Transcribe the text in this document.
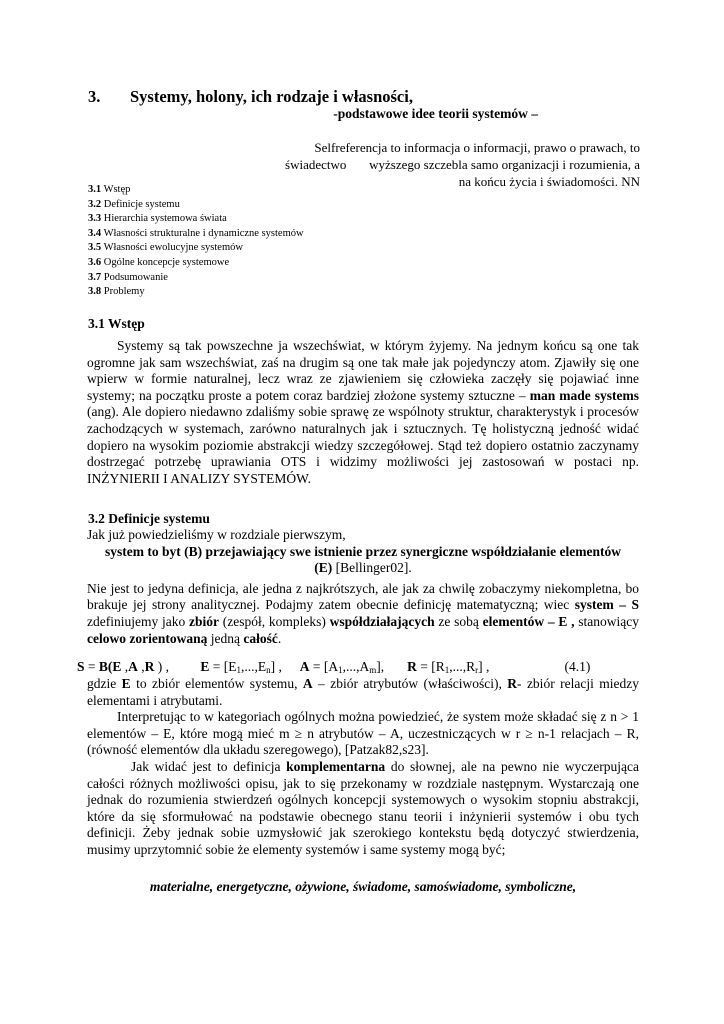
3. Systemy, holony, ich rodzaje i własności,
-podstawowe idee teorii systemów –
Selfreferencja to informacja o informacji, prawo o prawach, to
świadectwo       wyższego szczebla samo organizacji i rozumienia, a
na końcu życia i świadomości. NN
3.1 Wstęp
3.2 Definicje systemu
3.3 Hierarchia systemowa świata
3.4 Własności strukturalne i dynamiczne systemów
3.5 Własności ewolucyjne systemów
3.6 Ogólne koncepcje systemowe
3.7 Podsumowanie
3.8 Problemy
3.1 Wstęp

Systemy są tak powszechne ja wszechświat, w którym żyjemy. Na jednym końcu są one tak ogromne jak sam wszechświat, zaś na drugim są one tak małe jak pojedynczy atom. Zjawiły się one wpierw w formie naturalnej, lecz wraz ze zjawieniem się człowieka zaczęły się pojawiać inne systemy; na początku proste a potem coraz bardziej złożone systemy sztuczne – man made systems (ang). Ale dopiero niedawno zdaliśmy sobie sprawę ze wspólnoty struktur, charakterystyk i procesów zachodzących w systemach, zarówno naturalnych jak i sztucznych. Tę holistyczną jedność widać dopiero na wysokim poziomie abstrakcji wiedzy szczegółowej. Stąd też dopiero ostatnio zaczynamy dostrzegać potrzebę uprawiania OTS i widzimy możliwości jej zastosowań w postaci np. INŻYNIERII I ANALIZY SYSTEMÓW.

3.2 Definicje systemu

Jak już powiedzieliśmy w rozdziale pierwszym,

system to byt (B) przejawiający swe istnienie przez synergiczne współdziałanie elementów (E) [Bellinger02].

Nie jest to jedyna definicja, ale jedna z najkrótszych, ale jak za chwilę zobaczymy niekompletna, bo brakuje jej strony analitycznej. Podajmy zatem obecnie definicję matematyczną; wiec system – S zdefiniujemy jako zbiór (zespół, kompleks) współdziałających ze sobą elementów – E , stanowiący celowo zorientowaną jedną całość.

S = B(E ,A ,R ) , $E = [E_1,...,E_n]$ , $A = [A_1,...,A_m]$, $R = [R_1,...,R_r]$ ,	(4.1)

gdzie E to zbiór elementów systemu, A – zbiór atrybutów (właściwości), R- zbiór relacji miedzy elementami i atrybutami.

Interpretując to w kategoriach ogólnych można powiedzieć, że system może składać się z n > 1 elementów – E, które mogą mieć m ≥ n atrybutów – A, uczestniczących w r ≥ n-1 relacjach – R, (równość elementów dla układu szeregowego), [Patzak82,s23].

Jak widać jest to definicja komplementarna do słownej, ale na pewno nie wyczerpująca całości różnych możliwości opisu, jak to się przekonamy w rozdziale następnym. Wystarczają one jednak do rozumienia stwierdzeń ogólnych koncepcji systemowych o wysokim stopniu abstrakcji, które da się sformułować na podstawie obecnego stanu teorii i inżynierii systemów i obu tych definicji. Żeby jednak sobie uzmysłowić jak szerokiego kontekstu będą dotyczyć stwierdzenia, musimy uprzytomnić sobie że elementy systemów i same systemy mogą być;

materialne, energetyczne, ożywione, świadome, samoświadome, symboliczne,
